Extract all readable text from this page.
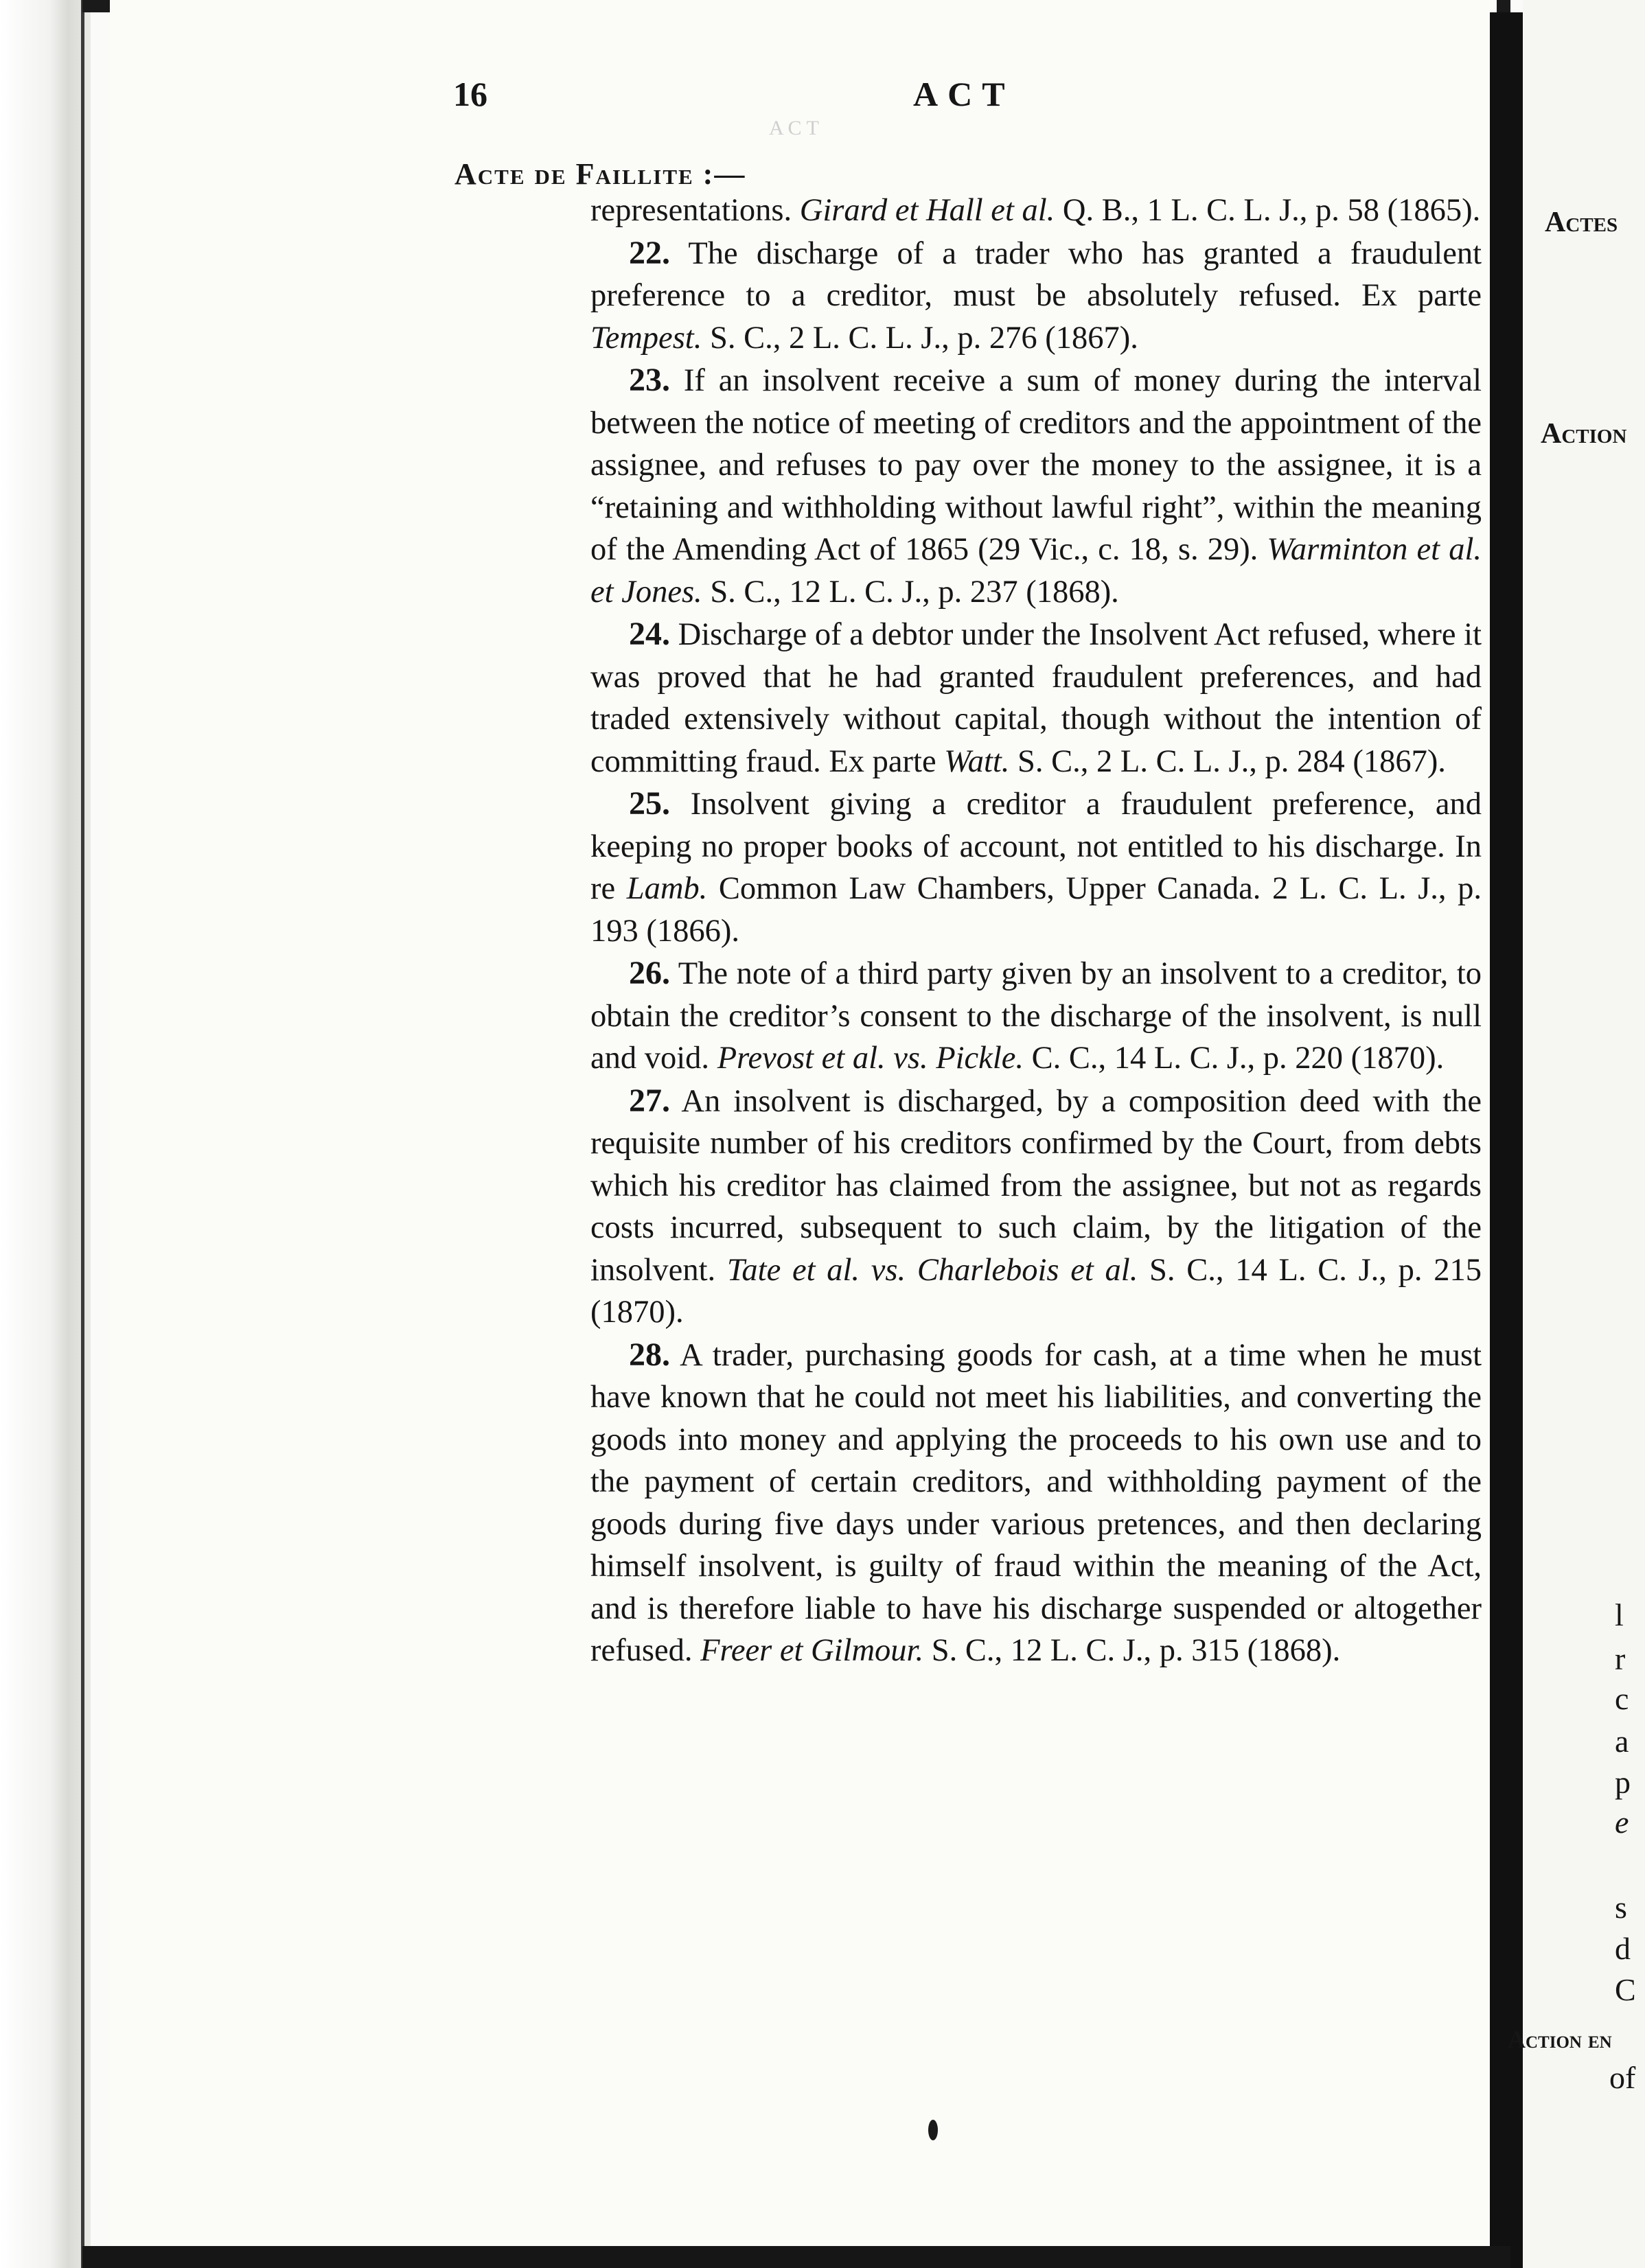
A C T
16	ACT
Acte de Faillite :—

representations. Girard et Hall et al. Q. B., 1 L. C. L. J., p. 58 (1865).

22. The discharge of a trader who has granted a fraudulent preference to a creditor, must be absolutely refused. Ex parte Tempest. S. C., 2 L. C. L. J., p. 276 (1867).

23. If an insolvent receive a sum of money during the interval between the notice of meeting of creditors and the appointment of the assignee, and refuses to pay over the money to the assignee, it is a “retaining and withholding without lawful right”, within the meaning of the Amending Act of 1865 (29 Vic., c. 18, s. 29). Warminton et al. et Jones. S. C., 12 L. C. J., p. 237 (1868).

24. Discharge of a debtor under the Insolvent Act refused, where it was proved that he had granted fraudulent preferences, and had traded extensively without capital, though without the intention of committing fraud. Ex parte Watt. S. C., 2 L. C. L. J., p. 284 (1867).

25. Insolvent giving a creditor a fraudulent preference, and keeping no proper books of account, not entitled to his discharge. In re Lamb. Common Law Chambers, Upper Canada. 2 L. C. L. J., p. 193 (1866).

26. The note of a third party given by an insolvent to a creditor, to obtain the creditor’s consent to the discharge of the insolvent, is null and void. Prevost et al. vs. Pickle. C. C., 14 L. C. J., p. 220 (1870).

27. An insolvent is discharged, by a composition deed with the requisite number of his creditors confirmed by the Court, from debts which his creditor has claimed from the assignee, but not as regards costs incurred, subsequent to such claim, by the litigation of the insolvent. Tate et al. vs. Charlebois et al. S. C., 14 L. C. J., p. 215 (1870).

28. A trader, purchasing goods for cash, at a time when he must have known that he could not meet his liabilities, and converting the goods into money and applying the proceeds to his own use and to the payment of certain creditors, and withholding payment of the goods during five days under various pretences, and then declaring himself insolvent, is guilty of fraud within the meaning of the Act, and is therefore liable to have his discharge suspended or altogether refused. Freer et Gilmour. S. C., 12 L. C. J., p. 315 (1868).

Actes
Action
Action en
l
r
c
a
p
e
s
d
C
of
